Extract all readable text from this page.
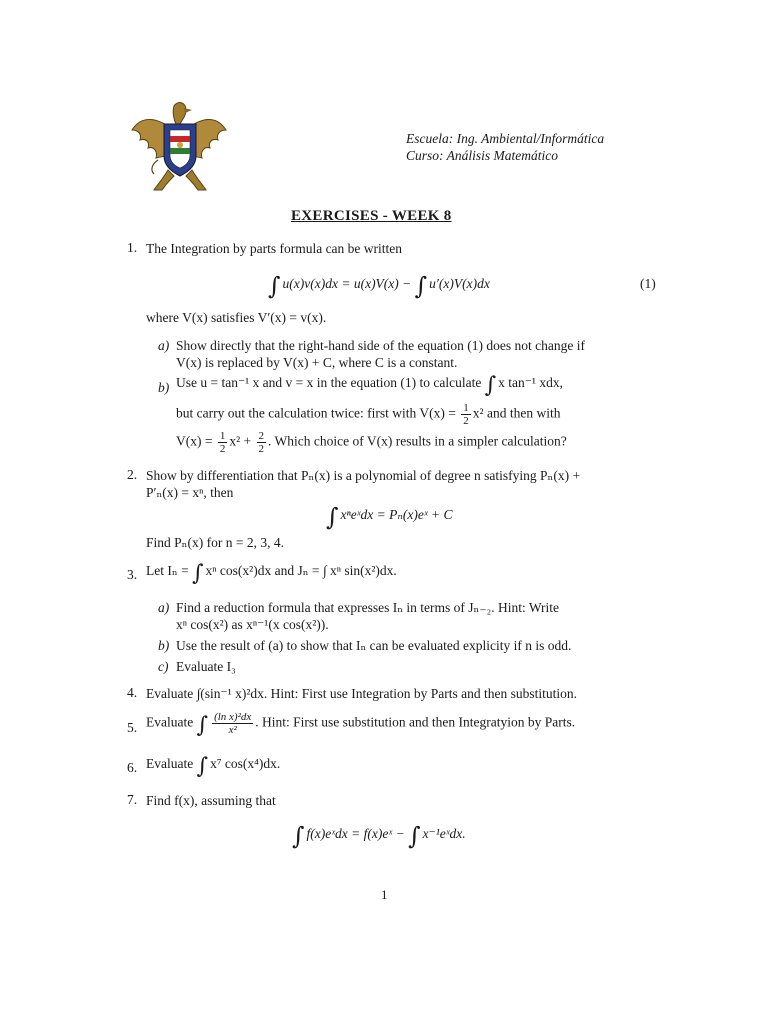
Escuela: Ing. Ambiental/Informática
Curso: Análisis Matemático
EXERCISES - WEEK 8
1. The Integration by parts formula can be written
∫ u(x)v(x)dx = u(x)V(x) − ∫ u′(x)V(x)dx	(1)
where V(x) satisfies V′(x) = v(x).
a) Show directly that the right-hand side of the equation (1) does not change if
V(x) is replaced by V(x) + C, where C is a constant.
b) Use u = tan⁻¹ x and v = x in the equation (1) to calculate ∫ x tan⁻¹ xdx,
but carry out the calculation twice: first with $V(x) = \frac{1}{2} x^2$ and then with
$V(x) = \frac{1}{2} x^2 + \frac{2}{2}$ . Which choice of V(x) results in a simpler calculation?
2. Show by differentiation that Pₙ(x) is a polynomial of degree n satisfying Pₙ(x) +
P′ₙ(x) = xⁿ, then
∫ xⁿeˣdx = Pₙ(x)eˣ + C
Find Pₙ(x) for n = 2, 3, 4.
3. Let Iₙ = ∫ xⁿ cos(x²)dx and Jₙ = ∫ xⁿ sin(x²)dx.
a) Find a reduction formula that expresses Iₙ in terms of Jₙ₋₂. Hint: Write
xⁿ cos(x²) as xⁿ⁻¹(x cos(x²)).
b) Use the result of (a) to show that Iₙ can be evaluated explicity if n is odd.
c) Evaluate I₃
4. Evaluate ∫(sin⁻¹ x)²dx. Hint: First use Integration by Parts and then substitution.
5. Evaluate ∫ $\frac{\text{(ln x)²dx}}{\text{x²}}$ . Hint: First use substitution and then Integratyion by Parts.
6. Evaluate ∫ x⁷ cos(x⁴)dx.
7. Find f(x), assuming that
∫ f(x)eˣdx = f(x)eˣ − ∫ x⁻¹eˣdx.
1
